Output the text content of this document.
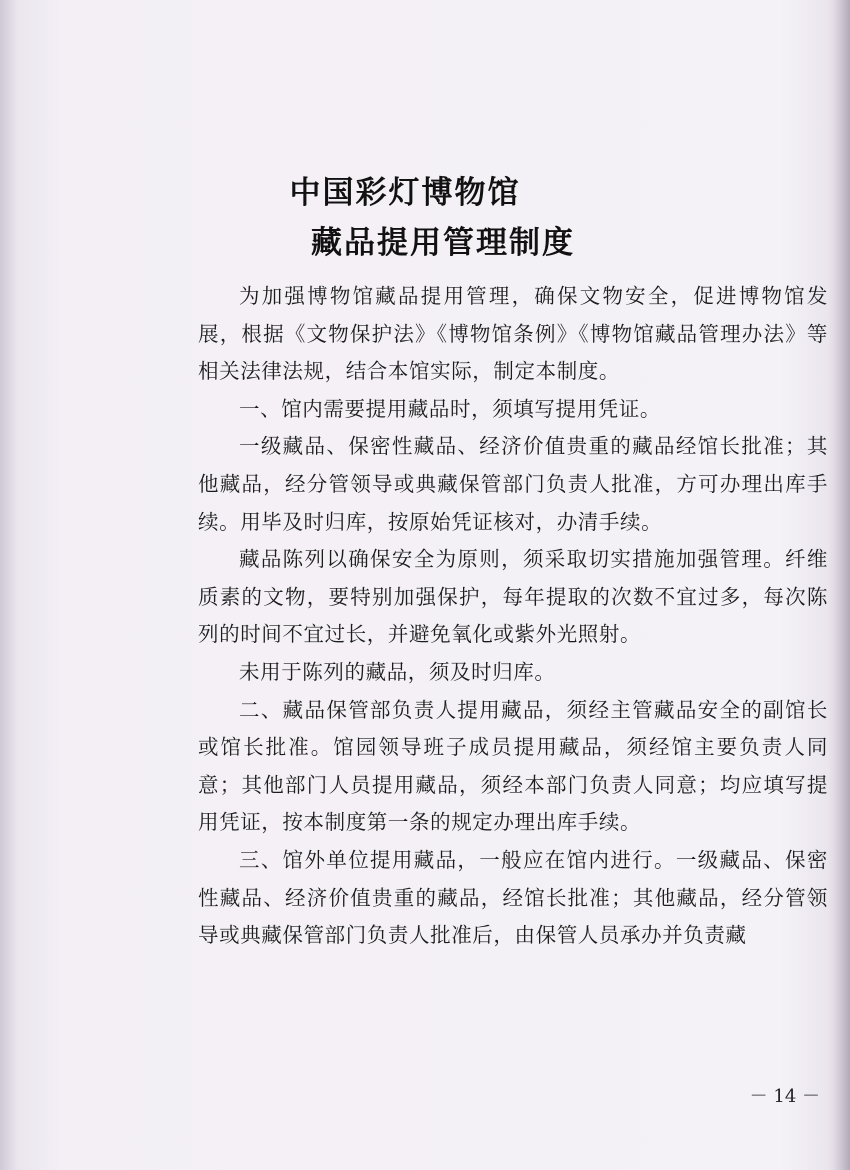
中国彩灯博物馆
藏品提用管理制度

为加强博物馆藏品提用管理，确保文物安全，促进博物馆发展，根据《文物保护法》《博物馆条例》《博物馆藏品管理办法》等相关法律法规，结合本馆实际，制定本制度。

一、馆内需要提用藏品时，须填写提用凭证。

一级藏品、保密性藏品、经济价值贵重的藏品经馆长批准；其他藏品，经分管领导或典藏保管部门负责人批准，方可办理出库手续。用毕及时归库，按原始凭证核对，办清手续。

藏品陈列以确保安全为原则，须采取切实措施加强管理。纤维质素的文物，要特别加强保护，每年提取的次数不宜过多，每次陈列的时间不宜过长，并避免氧化或紫外光照射。

未用于陈列的藏品，须及时归库。

二、藏品保管部负责人提用藏品，须经主管藏品安全的副馆长或馆长批准。馆园领导班子成员提用藏品，须经馆主要负责人同意；其他部门人员提用藏品，须经本部门负责人同意；均应填写提用凭证，按本制度第一条的规定办理出库手续。

三、馆外单位提用藏品，一般应在馆内进行。一级藏品、保密性藏品、经济价值贵重的藏品，经馆长批准；其他藏品，经分管领导或典藏保管部门负责人批准后，由保管人员承办并负责藏

－ 14 －
